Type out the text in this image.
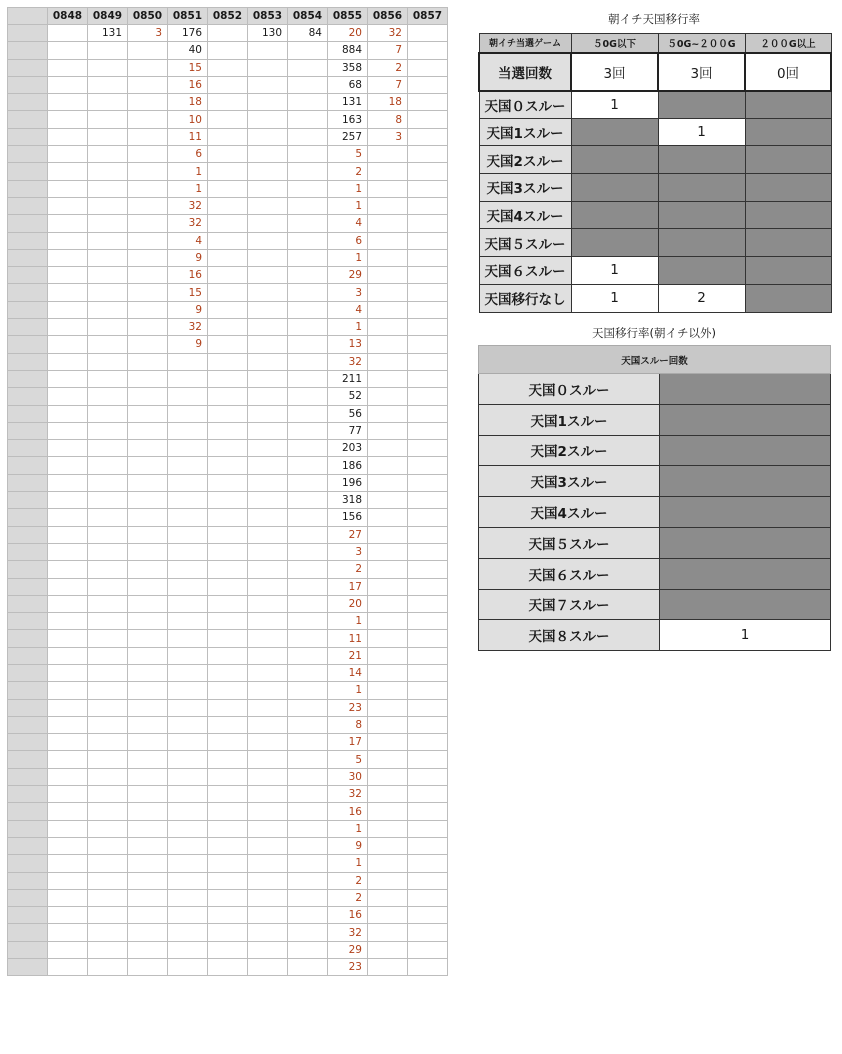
	0848	0849	0850	0851	0852	0853	0854	0855	0856	0857
		131	3	176		130	84	20	32	
				40				884	7	
				15				358	2	
				16				68	7	
				18				131	18	
				10				163	8	
				11				257	3	
				6				5		
				1				2		
				1				1		
				32				1		
				32				4		
				4				6		
				9				1		
				16				29		
				15				3		
				9				4		
				32				1		
				9				13		
								32		
								211		
								52		
								56		
								77		
								203		
								186		
								196		
								318		
								156		
								27		
								3		
								2		
								17		
								20		
								1		
								11		
								21		
								14		
								1		
								23		
								8		
								17		
								5		
								30		
								32		
								16		
								1		
								9		
								1		
								2		
								2		
								16		
								32		
								29		
								23		
朝イチ天国移行率
朝イチ当選ゲーム	５0G以下	５0G~２００G	２００G以上
当選回数	3回	3回	0回
天国０スルー	1		
天国1スルー		1	
天国2スルー			
天国3スルー			
天国4スルー			
天国５スルー			
天国６スルー	1		
天国移行なし	1	2	
天国移行率(朝イチ以外)
天国スルー回数	
天国０スルー	
天国1スルー	
天国2スルー	
天国3スルー	
天国4スルー	
天国５スルー	
天国６スルー	
天国７スルー	
天国８スルー	1
